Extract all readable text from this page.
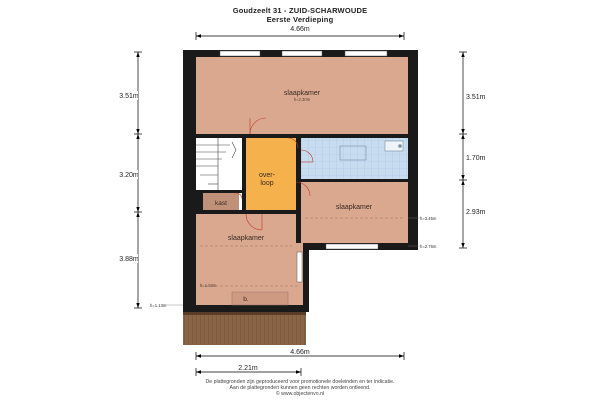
Goudzeelt 31 - ZUID-SCHARWOUDE
Eerste Verdieping
4.66m
3.51m
3.20m
3.88m
3.51m
1.70m
2.93m
slaapkamer
h=2.30m
over-
loop
kast
slaapkamer
slaapkamer
h=1.50m
b.
h=3.45m
h=2.76m
h=1.13m
4.66m
2.21m
De plattegronden zijn geproduceerd voor promotionele doeleinden en ter indicatie.
Aan de plattegronden kunnen geen rechten worden ontleend.
© www.objectenvo.nl
